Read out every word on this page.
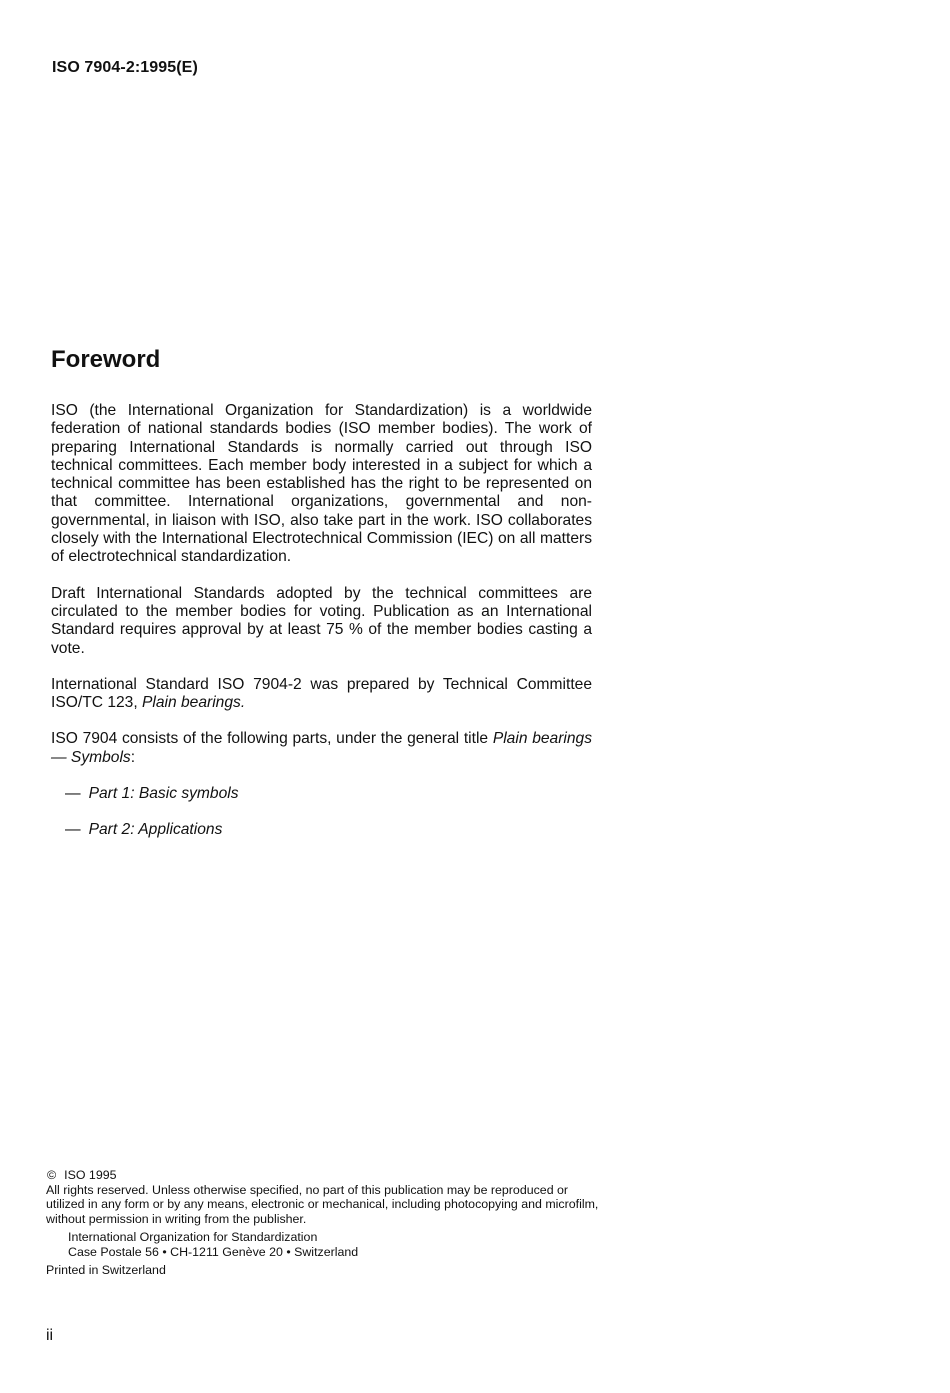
ISO 7904-2:1995(E)
Foreword

ISO (the International Organization for Standardization) is a worldwide federation of national standards bodies (ISO member bodies). The work of preparing International Standards is normally carried out through ISO technical committees. Each member body interested in a subject for which a technical committee has been established has the right to be represented on that committee. International organizations, governmental and non-governmental, in liaison with ISO, also take part in the work. ISO collaborates closely with the International Electrotechnical Commission (IEC) on all matters of electrotechnical standardization.

Draft International Standards adopted by the technical committees are circulated to the member bodies for voting. Publication as an International Standard requires approval by at least 75 % of the member bodies casting a vote.

International Standard ISO 7904-2 was prepared by Technical Committee ISO/TC 123, Plain bearings.

ISO 7904 consists of the following parts, under the general title Plain bearings — Symbols:

— Part 1: Basic symbols
— Part 2: Applications

© ISO 1995

All rights reserved. Unless otherwise specified, no part of this publication may be reproduced or utilized in any form or by any means, electronic or mechanical, including photocopying and microfilm, without permission in writing from the publisher.

International Organization for Standardization
Case Postale 56 • CH-1211 Genève 20 • Switzerland

Printed in Switzerland

ii
